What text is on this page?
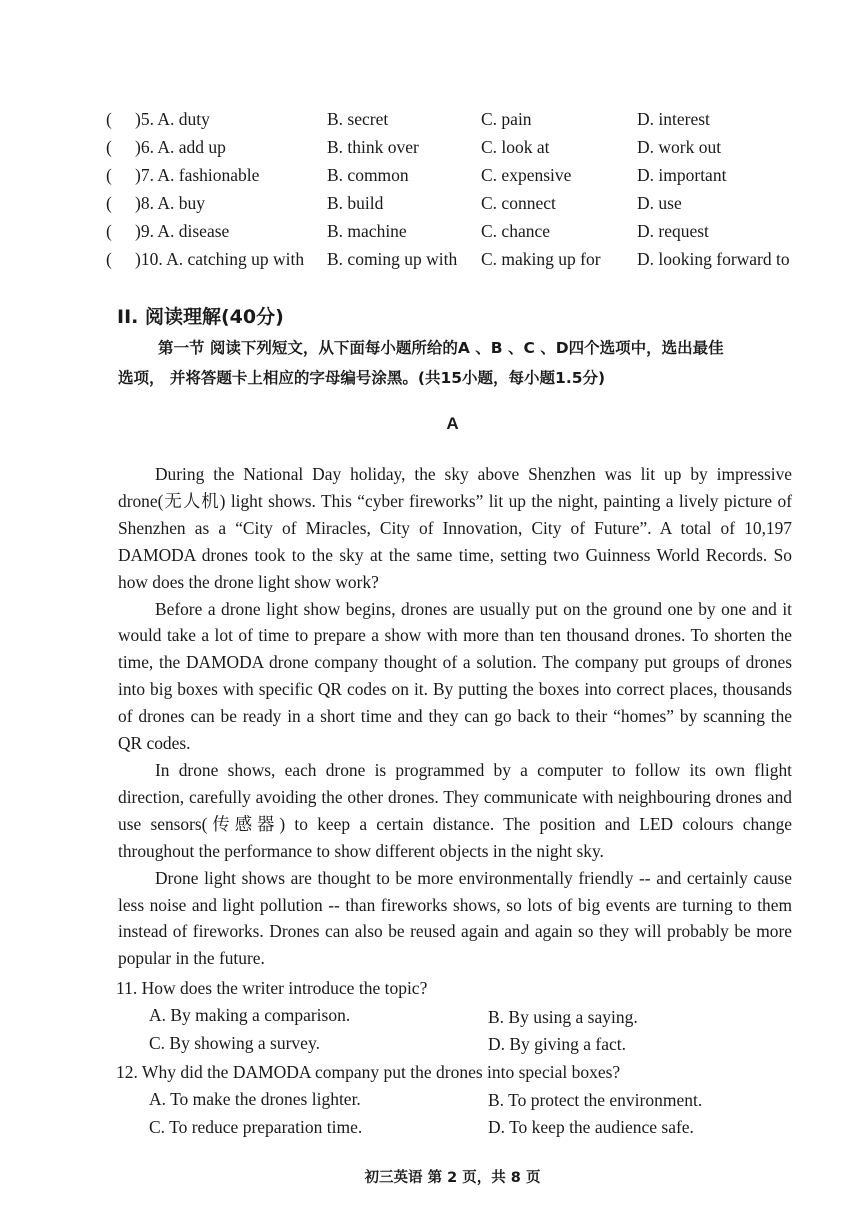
( )5. A. duty	B. secret	C. pain	D. interest
( )6. A. add up	B. think over	C. look at	D. work out
( )7. A. fashionable	B. common	C. expensive	D. important
( )8. A. buy	B. build	C. connect	D. use
( )9. A. disease	B. machine	C. chance	D. request
( )10. A. catching up with B. coming up with C. making up for D. looking forward to
II. 阅读理解(40分)
第一节 阅读下列短文，从下面每小题所给的A 、B 、C 、D四个选项中，选出最佳
选项， 并将答题卡上相应的字母编号涂黑。(共15小题，每小题1.5分)
A

During the National Day holiday, the sky above Shenzhen was lit up by impressive drone(无人机) light shows. This “cyber fireworks” lit up the night, painting a lively picture of Shenzhen as a “City of Miracles, City of Innovation, City of Future”. A total of 10,197 DAMODA drones took to the sky at the same time, setting two Guinness World Records. So how does the drone light show work?

Before a drone light show begins, drones are usually put on the ground one by one and it would take a lot of time to prepare a show with more than ten thousand drones. To shorten the time, the DAMODA drone company thought of a solution. The company put groups of drones into big boxes with specific QR codes on it. By putting the boxes into correct places, thousands of drones can be ready in a short time and they can go back to their “homes” by scanning the QR codes.

In drone shows, each drone is programmed by a computer to follow its own flight direction, carefully avoiding the other drones. They communicate with neighbouring drones and use sensors(传感器) to keep a certain distance. The position and LED colours change throughout the performance to show different objects in the night sky.

Drone light shows are thought to be more environmentally friendly -- and certainly cause less noise and light pollution -- than fireworks shows, so lots of big events are turning to them instead of fireworks. Drones can also be reused again and again so they will probably be more popular in the future.

11. How does the writer introduce the topic?
A. By making a comparison.	B. By using a saying.
C. By showing a survey.	D. By giving a fact.
12. Why did the DAMODA company put the drones into special boxes?
A. To make the drones lighter.	B. To protect the environment.
C. To reduce preparation time.	D. To keep the audience safe.
初三英语 第 2 页，共 8 页
